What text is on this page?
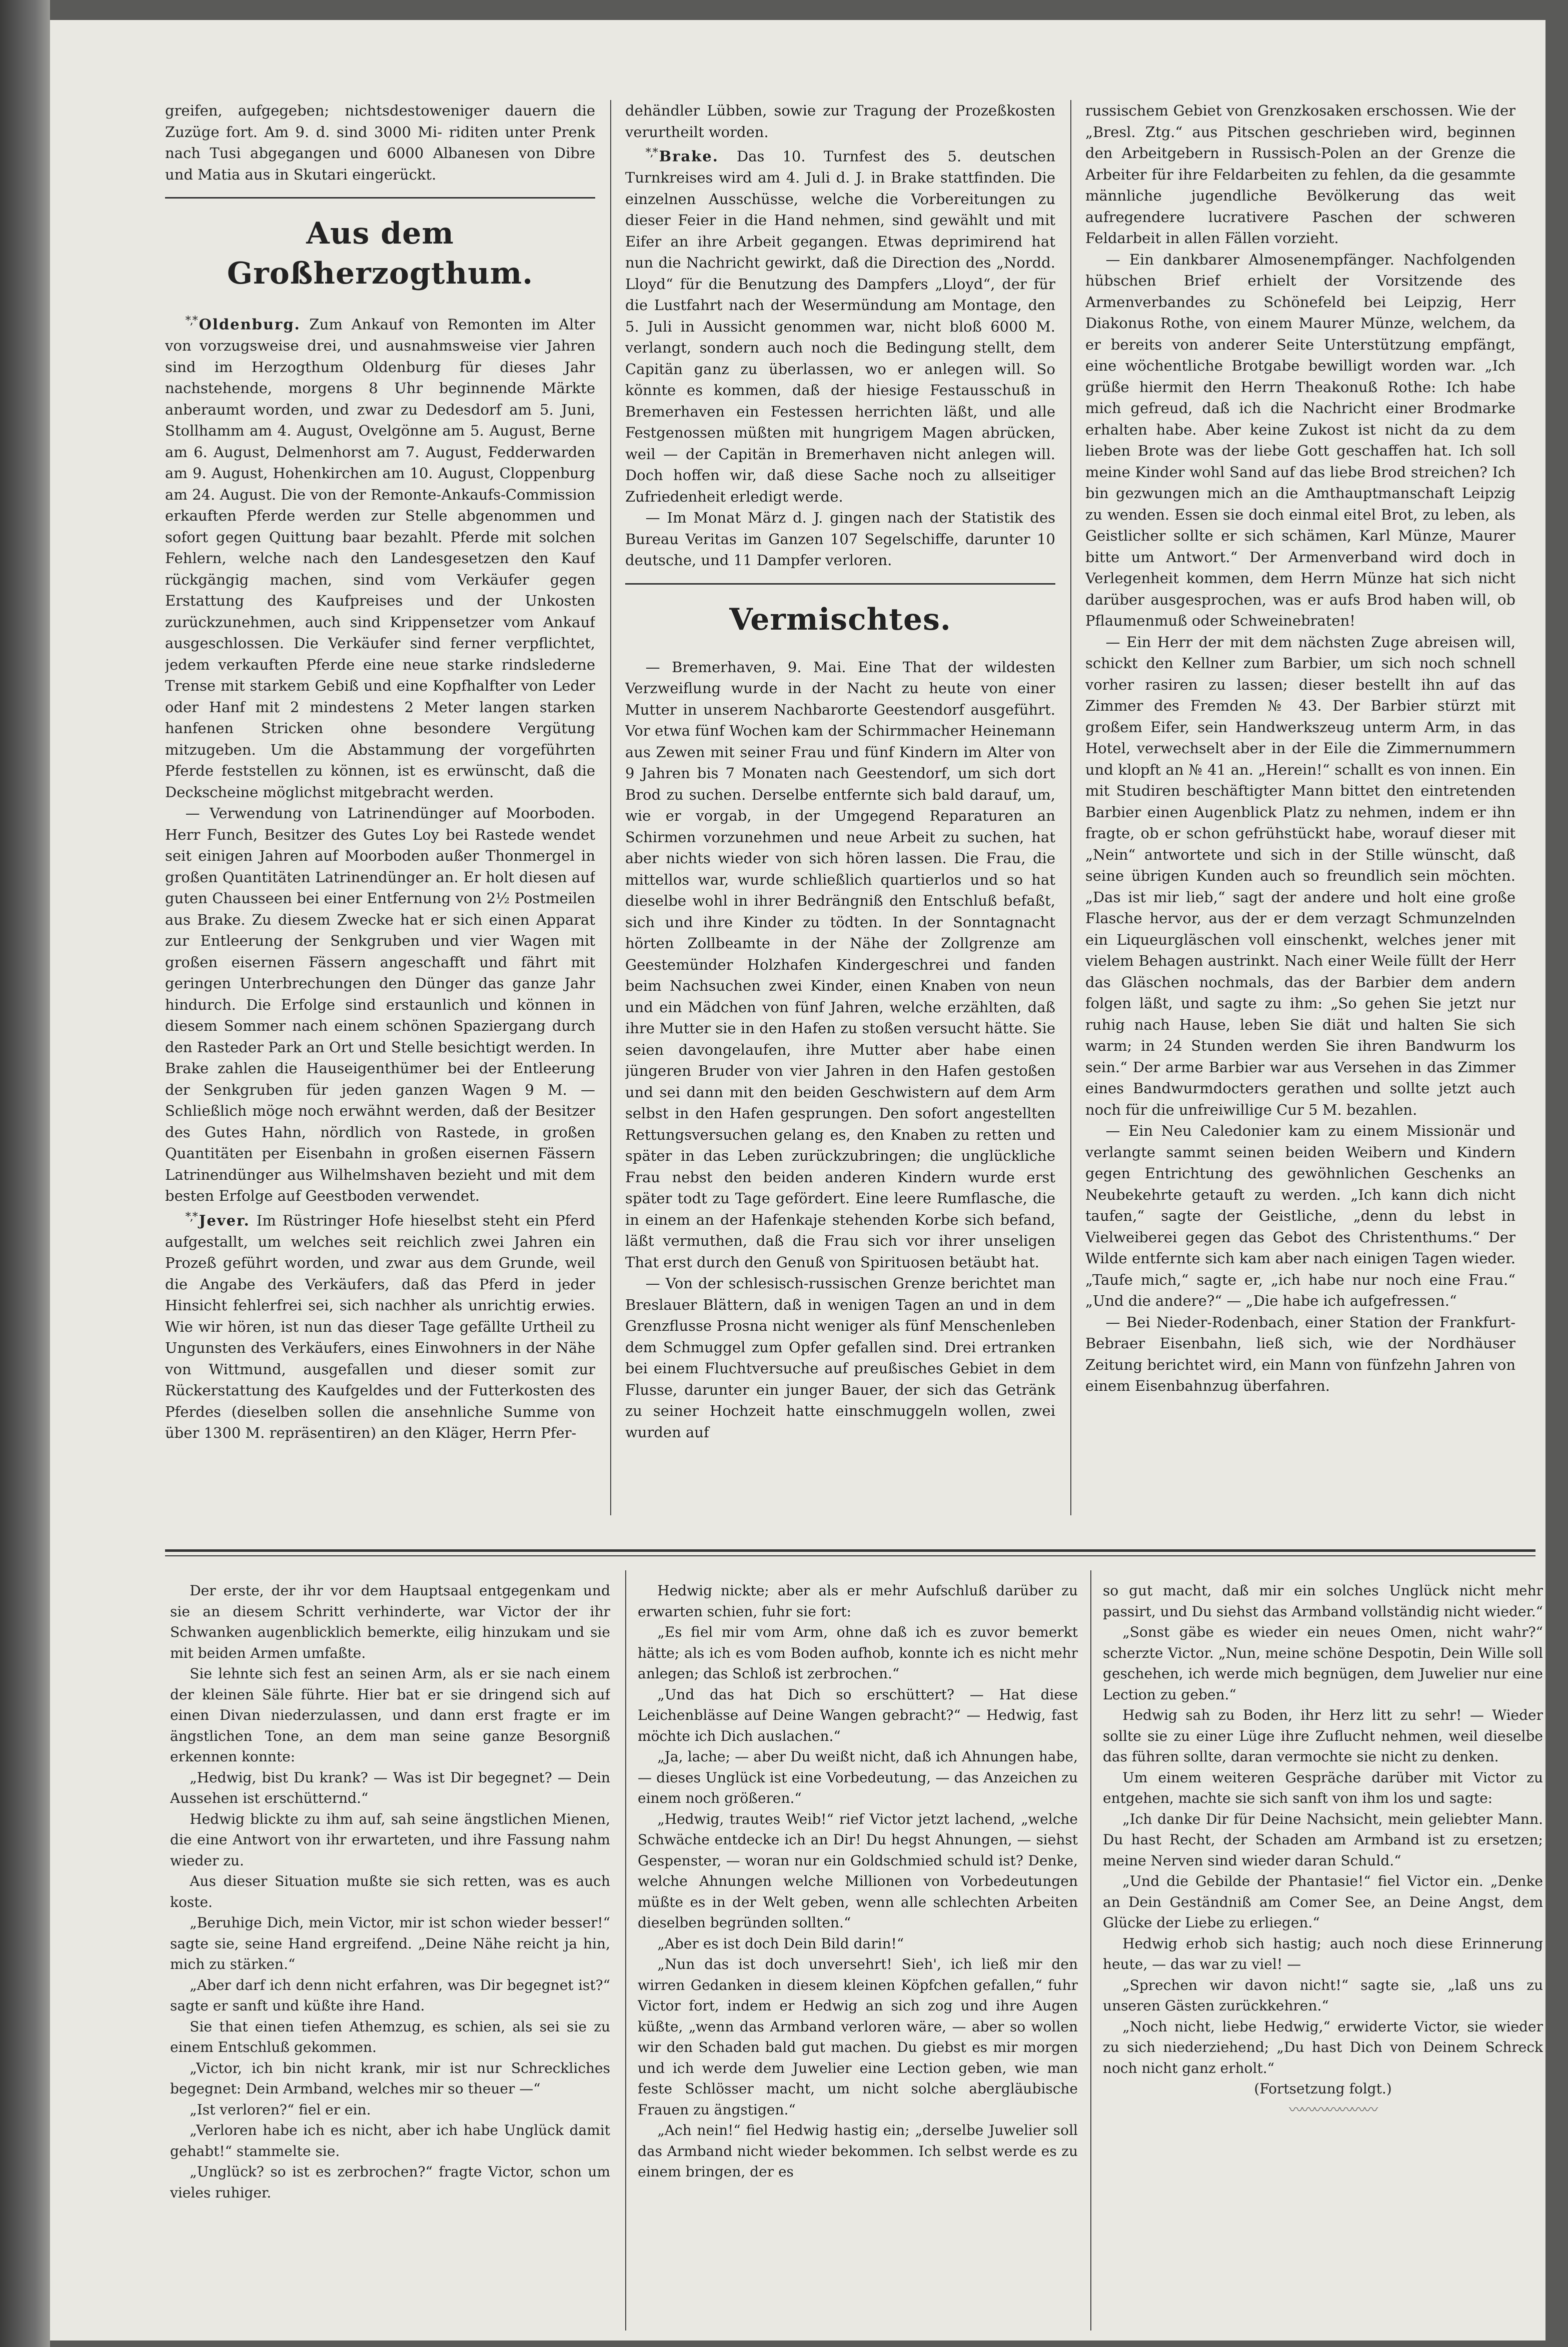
greifen, aufgegeben; nichtsdestoweniger dauern die Zuzüge fort. Am 9. d. sind 3000 Mi- riditen unter Prenk nach Tusi abgegangen und 6000 Albanesen von Dibre und Matia aus in Skutari eingerückt.

Aus dem Großherzogthum.

*,* Oldenburg. Zum Ankauf von Remonten im Alter von vorzugsweise drei, und ausnahmsweise vier Jahren sind im Herzogthum Oldenburg für dieses Jahr nachstehende, morgens 8 Uhr beginnende Märkte anberaumt worden, und zwar zu Dedesdorf am 5. Juni, Stollhamm am 4. August, Ovelgönne am 5. August, Berne am 6. August, Delmenhorst am 7. August, Fedderwarden am 9. August, Hohenkirchen am 10. August, Cloppenburg am 24. August. Die von der Remonte-Ankaufs-Commission erkauften Pferde werden zur Stelle abgenommen und sofort gegen Quittung baar bezahlt. Pferde mit solchen Fehlern, welche nach den Landesgesetzen den Kauf rückgängig machen, sind vom Verkäufer gegen Erstattung des Kaufpreises und der Unkosten zurückzunehmen, auch sind Krippensetzer vom Ankauf ausgeschlossen. Die Verkäufer sind ferner verpflichtet, jedem verkauften Pferde eine neue starke rindslederne Trense mit starkem Gebiß und eine Kopfhalfter von Leder oder Hanf mit 2 mindestens 2 Meter langen starken hanfenen Stricken ohne besondere Vergütung mitzugeben. Um die Abstammung der vorgeführten Pferde feststellen zu können, ist es erwünscht, daß die Deckscheine möglichst mitgebracht werden.

— Verwendung von Latrinendünger auf Moorboden. Herr Funch, Besitzer des Gutes Loy bei Rastede wendet seit einigen Jahren auf Moorboden außer Thonmergel in großen Quantitäten Latrinendünger an. Er holt diesen auf guten Chausseen bei einer Entfernung von 2½ Postmeilen aus Brake. Zu diesem Zwecke hat er sich einen Apparat zur Entleerung der Senkgruben und vier Wagen mit großen eisernen Fässern angeschafft und fährt mit geringen Unterbrechungen den Dünger das ganze Jahr hindurch. Die Erfolge sind erstaunlich und können in diesem Sommer nach einem schönen Spaziergang durch den Rasteder Park an Ort und Stelle besichtigt werden. In Brake zahlen die Hauseigenthümer bei der Entleerung der Senkgruben für jeden ganzen Wagen 9 M. — Schließlich möge noch erwähnt werden, daß der Besitzer des Gutes Hahn, nördlich von Rastede, in großen Quantitäten per Eisenbahn in großen eisernen Fässern Latrinendünger aus Wilhelmshaven bezieht und mit dem besten Erfolge auf Geestboden verwendet.

*,* Jever. Im Rüstringer Hofe hieselbst steht ein Pferd aufgestallt, um welches seit reichlich zwei Jahren ein Prozeß geführt worden, und zwar aus dem Grunde, weil die Angabe des Verkäufers, daß das Pferd in jeder Hinsicht fehlerfrei sei, sich nachher als unrichtig erwies. Wie wir hören, ist nun das dieser Tage gefällte Urtheil zu Ungunsten des Verkäufers, eines Einwohners in der Nähe von Wittmund, ausgefallen und dieser somit zur Rückerstattung des Kaufgeldes und der Futterkosten des Pferdes (dieselben sollen die ansehnliche Summe von über 1300 M. repräsentiren) an den Kläger, Herrn Pfer-

dehändler Lübben, sowie zur Tragung der Prozeßkosten verurtheilt worden.

*,* Brake. Das 10. Turnfest des 5. deutschen Turnkreises wird am 4. Juli d. J. in Brake stattfinden. Die einzelnen Ausschüsse, welche die Vorbereitungen zu dieser Feier in die Hand nehmen, sind gewählt und mit Eifer an ihre Arbeit gegangen. Etwas deprimirend hat nun die Nachricht gewirkt, daß die Direction des „Nordd. Lloyd“ für die Benutzung des Dampfers „Lloyd“, der für die Lustfahrt nach der Wesermündung am Montage, den 5. Juli in Aussicht genommen war, nicht bloß 6000 M. verlangt, sondern auch noch die Bedingung stellt, dem Capitän ganz zu überlassen, wo er anlegen will. So könnte es kommen, daß der hiesige Festausschuß in Bremerhaven ein Festessen herrichten läßt, und alle Festgenossen müßten mit hungrigem Magen abrücken, weil — der Capitän in Bremerhaven nicht anlegen will. Doch hoffen wir, daß diese Sache noch zu allseitiger Zufriedenheit erledigt werde.

— Im Monat März d. J. gingen nach der Statistik des Bureau Veritas im Ganzen 107 Segelschiffe, darunter 10 deutsche, und 11 Dampfer verloren.

Vermischtes.

— Bremerhaven, 9. Mai. Eine That der wildesten Verzweiflung wurde in der Nacht zu heute von einer Mutter in unserem Nachbarorte Geestendorf ausgeführt. Vor etwa fünf Wochen kam der Schirmmacher Heinemann aus Zewen mit seiner Frau und fünf Kindern im Alter von 9 Jahren bis 7 Monaten nach Geestendorf, um sich dort Brod zu suchen. Derselbe entfernte sich bald darauf, um, wie er vorgab, in der Umgegend Reparaturen an Schirmen vorzunehmen und neue Arbeit zu suchen, hat aber nichts wieder von sich hören lassen. Die Frau, die mittellos war, wurde schließlich quartierlos und so hat dieselbe wohl in ihrer Bedrängniß den Entschluß befaßt, sich und ihre Kinder zu tödten. In der Sonntagnacht hörten Zollbeamte in der Nähe der Zollgrenze am Geestemünder Holzhafen Kindergeschrei und fanden beim Nachsuchen zwei Kinder, einen Knaben von neun und ein Mädchen von fünf Jahren, welche erzählten, daß ihre Mutter sie in den Hafen zu stoßen versucht hätte. Sie seien davongelaufen, ihre Mutter aber habe einen jüngeren Bruder von vier Jahren in den Hafen gestoßen und sei dann mit den beiden Geschwistern auf dem Arm selbst in den Hafen gesprungen. Den sofort angestellten Rettungsversuchen gelang es, den Knaben zu retten und später in das Leben zurückzubringen; die unglückliche Frau nebst den beiden anderen Kindern wurde erst später todt zu Tage gefördert. Eine leere Rumflasche, die in einem an der Hafenkaje stehenden Korbe sich befand, läßt vermuthen, daß die Frau sich vor ihrer unseligen That erst durch den Genuß von Spirituosen betäubt hat.

— Von der schlesisch-russischen Grenze berichtet man Breslauer Blättern, daß in wenigen Tagen an und in dem Grenzflusse Prosna nicht weniger als fünf Menschenleben dem Schmuggel zum Opfer gefallen sind. Drei ertranken bei einem Fluchtversuche auf preußisches Gebiet in dem Flusse, darunter ein junger Bauer, der sich das Getränk zu seiner Hochzeit hatte einschmuggeln wollen, zwei wurden auf

russischem Gebiet von Grenzkosaken erschossen. Wie der „Bresl. Ztg.“ aus Pitschen geschrieben wird, beginnen den Arbeitgebern in Russisch-Polen an der Grenze die Arbeiter für ihre Feldarbeiten zu fehlen, da die gesammte männliche jugendliche Bevölkerung das weit aufregendere lucrativere Paschen der schweren Feldarbeit in allen Fällen vorzieht.

— Ein dankbarer Almosenempfänger. Nachfolgenden hübschen Brief erhielt der Vorsitzende des Armenverbandes zu Schönefeld bei Leipzig, Herr Diakonus Rothe, von einem Maurer Münze, welchem, da er bereits von anderer Seite Unterstützung empfängt, eine wöchentliche Brotgabe bewilligt worden war. „Ich grüße hiermit den Herrn Theakonuß Rothe: Ich habe mich gefreud, daß ich die Nachricht einer Brodmarke erhalten habe. Aber keine Zukost ist nicht da zu dem lieben Brote was der liebe Gott geschaffen hat. Ich soll meine Kinder wohl Sand auf das liebe Brod streichen? Ich bin gezwungen mich an die Amthauptmanschaft Leipzig zu wenden. Essen sie doch einmal eitel Brot, zu leben, als Geistlicher sollte er sich schämen, Karl Münze, Maurer bitte um Antwort.“ Der Armenverband wird doch in Verlegenheit kommen, dem Herrn Münze hat sich nicht darüber ausgesprochen, was er aufs Brod haben will, ob Pflaumenmuß oder Schweinebraten!

— Ein Herr der mit dem nächsten Zuge abreisen will, schickt den Kellner zum Barbier, um sich noch schnell vorher rasiren zu lassen; dieser bestellt ihn auf das Zimmer des Fremden № 43. Der Barbier stürzt mit großem Eifer, sein Handwerkszeug unterm Arm, in das Hotel, verwechselt aber in der Eile die Zimmernummern und klopft an № 41 an. „Herein!“ schallt es von innen. Ein mit Studiren beschäftigter Mann bittet den eintretenden Barbier einen Augenblick Platz zu nehmen, indem er ihn fragte, ob er schon gefrühstückt habe, worauf dieser mit „Nein“ antwortete und sich in der Stille wünscht, daß seine übrigen Kunden auch so freundlich sein möchten. „Das ist mir lieb,“ sagt der andere und holt eine große Flasche hervor, aus der er dem verzagt Schmunzelnden ein Liqueurgläschen voll einschenkt, welches jener mit vielem Behagen austrinkt. Nach einer Weile füllt der Herr das Gläschen nochmals, das der Barbier dem andern folgen läßt, und sagte zu ihm: „So gehen Sie jetzt nur ruhig nach Hause, leben Sie diät und halten Sie sich warm; in 24 Stunden werden Sie ihren Bandwurm los sein.“ Der arme Barbier war aus Versehen in das Zimmer eines Bandwurmdocters gerathen und sollte jetzt auch noch für die unfreiwillige Cur 5 M. bezahlen.

— Ein Neu Caledonier kam zu einem Missionär und verlangte sammt seinen beiden Weibern und Kindern gegen Entrichtung des gewöhnlichen Geschenks an Neubekehrte getauft zu werden. „Ich kann dich nicht taufen,“ sagte der Geistliche, „denn du lebst in Vielweiberei gegen das Gebot des Christenthums.“ Der Wilde entfernte sich kam aber nach einigen Tagen wieder. „Taufe mich,“ sagte er, „ich habe nur noch eine Frau.“ „Und die andere?“ — „Die habe ich aufgefressen.“

— Bei Nieder-Rodenbach, einer Station der Frankfurt-Bebraer Eisenbahn, ließ sich, wie der Nordhäuser Zeitung berichtet wird, ein Mann von fünfzehn Jahren von einem Eisenbahnzug überfahren.

Der erste, der ihr vor dem Hauptsaal entgegenkam und sie an diesem Schritt verhinderte, war Victor der ihr Schwanken augenblicklich bemerkte, eilig hinzukam und sie mit beiden Armen umfaßte.

Sie lehnte sich fest an seinen Arm, als er sie nach einem der kleinen Säle führte. Hier bat er sie dringend sich auf einen Divan niederzulassen, und dann erst fragte er im ängstlichen Tone, an dem man seine ganze Besorgniß erkennen konnte:

„Hedwig, bist Du krank? — Was ist Dir begegnet? — Dein Aussehen ist erschütternd.“

Hedwig blickte zu ihm auf, sah seine ängstlichen Mienen, die eine Antwort von ihr erwarteten, und ihre Fassung nahm wieder zu.

Aus dieser Situation mußte sie sich retten, was es auch koste.

„Beruhige Dich, mein Victor, mir ist schon wieder besser!“ sagte sie, seine Hand ergreifend. „Deine Nähe reicht ja hin, mich zu stärken.“

„Aber darf ich denn nicht erfahren, was Dir begegnet ist?“ sagte er sanft und küßte ihre Hand.

Sie that einen tiefen Athemzug, es schien, als sei sie zu einem Entschluß gekommen.

„Victor, ich bin nicht krank, mir ist nur Schreckliches begegnet: Dein Armband, welches mir so theuer —“

„Ist verloren?“ fiel er ein.

„Verloren habe ich es nicht, aber ich habe Unglück damit gehabt!“ stammelte sie.

„Unglück? so ist es zerbrochen?“ fragte Victor, schon um vieles ruhiger.

Hedwig nickte; aber als er mehr Aufschluß darüber zu erwarten schien, fuhr sie fort:

„Es fiel mir vom Arm, ohne daß ich es zuvor bemerkt hätte; als ich es vom Boden aufhob, konnte ich es nicht mehr anlegen; das Schloß ist zerbrochen.“

„Und das hat Dich so erschüttert? — Hat diese Leichenblässe auf Deine Wangen gebracht?“ — Hedwig, fast möchte ich Dich auslachen.“

„Ja, lache; — aber Du weißt nicht, daß ich Ahnungen habe, — dieses Unglück ist eine Vorbedeutung, — das Anzeichen zu einem noch größeren.“

„Hedwig, trautes Weib!“ rief Victor jetzt lachend, „welche Schwäche entdecke ich an Dir! Du hegst Ahnungen, — siehst Gespenster, — woran nur ein Goldschmied schuld ist? Denke, welche Ahnungen welche Millionen von Vorbedeutungen müßte es in der Welt geben, wenn alle schlechten Arbeiten dieselben begründen sollten.“

„Aber es ist doch Dein Bild darin!“

„Nun das ist doch unversehrt! Sieh', ich ließ mir den wirren Gedanken in diesem kleinen Köpfchen gefallen,“ fuhr Victor fort, indem er Hedwig an sich zog und ihre Augen küßte, „wenn das Armband verloren wäre, — aber so wollen wir den Schaden bald gut machen. Du giebst es mir morgen und ich werde dem Juwelier eine Lection geben, wie man feste Schlösser macht, um nicht solche abergläubische Frauen zu ängstigen.“

„Ach nein!“ fiel Hedwig hastig ein; „derselbe Juwelier soll das Armband nicht wieder bekommen. Ich selbst werde es zu einem bringen, der es

so gut macht, daß mir ein solches Unglück nicht mehr passirt, und Du siehst das Armband vollständig nicht wieder.“

„Sonst gäbe es wieder ein neues Omen, nicht wahr?“ scherzte Victor. „Nun, meine schöne Despotin, Dein Wille soll geschehen, ich werde mich begnügen, dem Juwelier nur eine Lection zu geben.“

Hedwig sah zu Boden, ihr Herz litt zu sehr! — Wieder sollte sie zu einer Lüge ihre Zuflucht nehmen, weil dieselbe das führen sollte, daran vermochte sie nicht zu denken.

Um einem weiteren Gespräche darüber mit Victor zu entgehen, machte sie sich sanft von ihm los und sagte:

„Ich danke Dir für Deine Nachsicht, mein geliebter Mann. Du hast Recht, der Schaden am Armband ist zu ersetzen; meine Nerven sind wieder daran Schuld.“

„Und die Gebilde der Phantasie!“ fiel Victor ein. „Denke an Dein Geständniß am Comer See, an Deine Angst, dem Glücke der Liebe zu erliegen.“

Hedwig erhob sich hastig; auch noch diese Erinnerung heute, — das war zu viel! —

„Sprechen wir davon nicht!“ sagte sie, „laß uns zu unseren Gästen zurückkehren.“

„Noch nicht, liebe Hedwig,“ erwiderte Victor, sie wieder zu sich niederziehend; „Du hast Dich von Deinem Schreck noch nicht ganz erholt.“

(Fortsetzung folgt.)

〰〰〰〰〰〰〰
